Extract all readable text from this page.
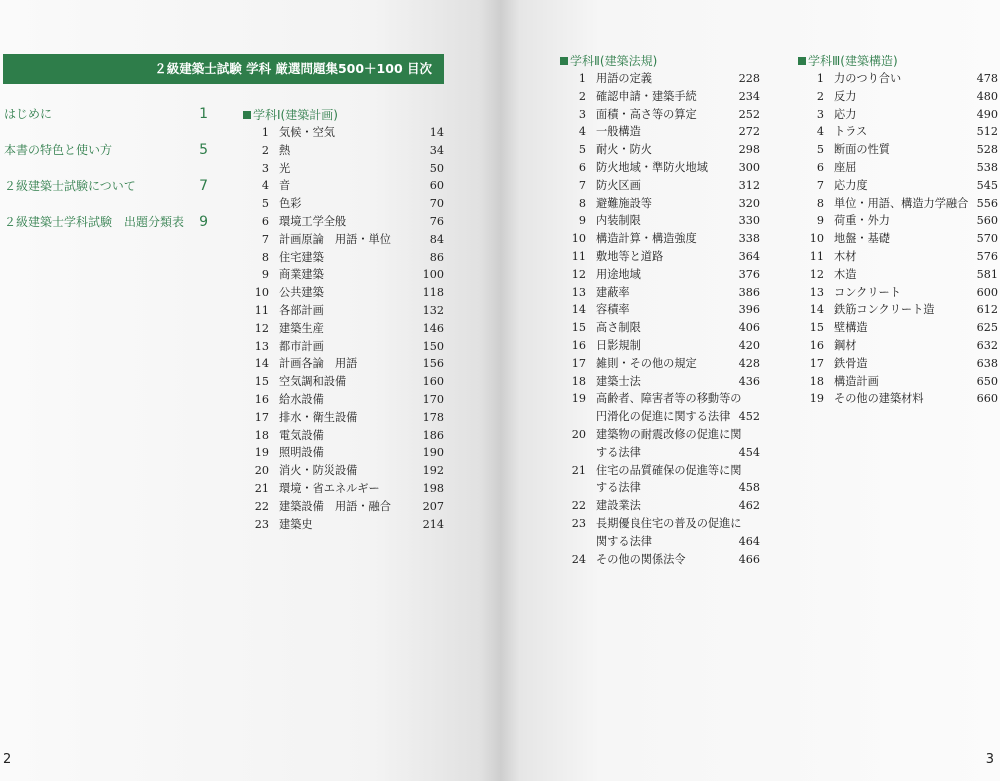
２級建築士試験 学科 厳選問題集500＋100 目次
はじめに	1
本書の特色と使い方	5
２級建築士試験について	7
２級建築士学科試験　出題分類表 9
学科Ⅰ(建築計画)
1 気候・空気	14
2 熱	34
3 光	50
4 音	60
5 色彩	70
6 環境工学全般	76
7 計画原論　用語・単位	84
8 住宅建築	86
9 商業建築	100
10 公共建築	118
11 各部計画	132
12 建築生産	146
13 都市計画	150
14 計画各論　用語	156
15 空気調和設備	160
16 給水設備	170
17 排水・衛生設備	178
18 電気設備	186
19 照明設備	190
20 消火・防災設備	192
21 環境・省エネルギー	198
22 建築設備　用語・融合	207
23 建築史	214
2
学科Ⅱ(建築法規)
1 用語の定義	228
2 確認申請・建築手続	234
3 面積・高さ等の算定	252
4 一般構造	272
5 耐火・防火	298
6 防火地域・準防火地域	300
7 防火区画	312
8 避難施設等	320
9 内装制限	330
10 構造計算・構造強度	338
11 敷地等と道路	364
12 用途地域	376
13 建蔽率	386
14 容積率	396
15 高さ制限	406
16 日影規制	420
17 雑則・その他の規定	428
18 建築士法	436
19 高齢者、障害者等の移動等の
円滑化の促進に関する法律 452
20 建築物の耐震改修の促進に関
する法律	454
21 住宅の品質確保の促進等に関
する法律	458
22 建設業法	462
23 長期優良住宅の普及の促進に
関する法律	464
24 その他の関係法令	466
学科Ⅲ(建築構造)
1 力のつり合い	478
2 反力	480
3 応力	490
4 トラス	512
5 断面の性質	528
6 座屈	538
7 応力度	545
8 単位・用語、構造力学融合 556
9 荷重・外力	560
10 地盤・基礎	570
11 木材	576
12 木造	581
13 コンクリート	600
14 鉄筋コンクリート造	612
15 壁構造	625
16 鋼材	632
17 鉄骨造	638
18 構造計画	650
19 その他の建築材料	660
3
